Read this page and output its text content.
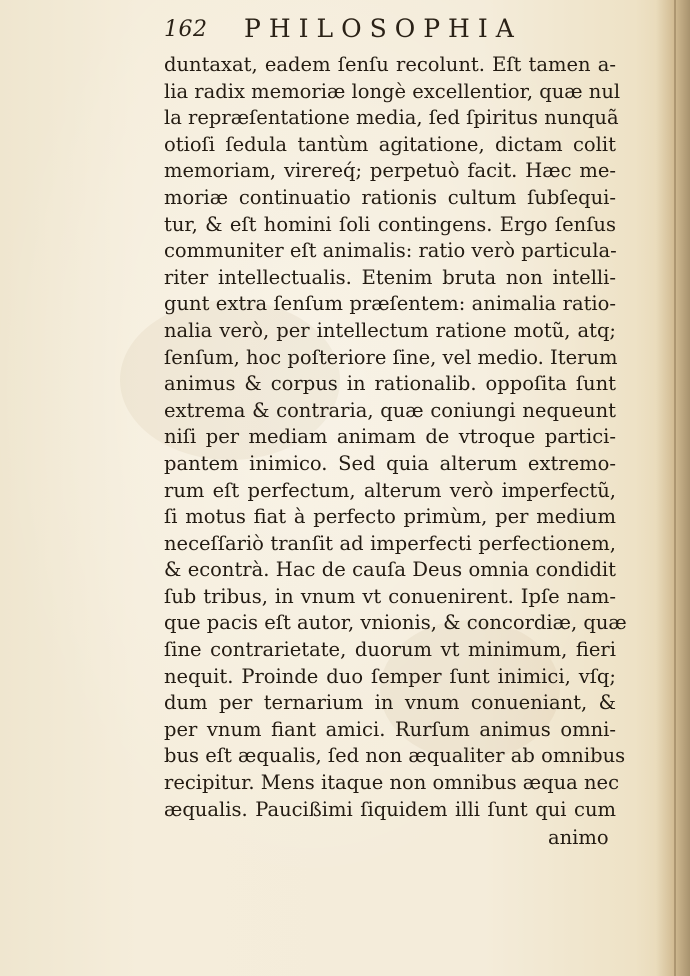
162 PHILOSOPHIA
duntaxat, eadem ſenſu recolunt. Eſt tamen a-
lia radix memoriæ longè excellentior, quæ nul
la repræſentatione media, ſed ſpiritus nunquã
otioſi ſedula tantùm agitatione, dictam colit
memoriam, virereq́; perpetuò facit. Hæc me-
moriæ continuatio rationis cultum ſubſequi-
tur, & eſt homini ſoli contingens. Ergo ſenſus
communiter eſt animalis: ratio verò particula-
riter intellectualis. Etenim bruta non intelli-
gunt extra ſenſum præſentem: animalia ratio-
nalia verò, per intellectum ratione motũ, atq;
ſenſum, hoc poſteriore ſine, vel medio. Iterum
animus & corpus in rationalib. oppoſita ſunt
extrema & contraria, quæ coniungi nequeunt
niſi per mediam animam de vtroque partici-
pantem inimico. Sed quia alterum extremo-
rum eſt perfectum, alterum verò imperfectũ,
ſi motus fiat à perfecto primùm, per medium
neceſſariò tranſit ad imperfecti perfectionem,
& econtrà. Hac de cauſa Deus omnia condidit
ſub tribus, in vnum vt conuenirent. Ipſe nam-
que pacis eſt autor, vnionis, & concordiæ, quæ
ſine contrarietate, duorum vt minimum, fieri
nequit. Proinde duo ſemper ſunt inimici, vſq;
dum per ternarium in vnum conueniant, &
per vnum fiant amici. Rurſum animus omni-
bus eſt æqualis, ſed non æqualiter ab omnibus
recipitur. Mens itaque non omnibus æqua nec
æqualis. Paucißimi ſiquidem illi ſunt qui cum
animo
